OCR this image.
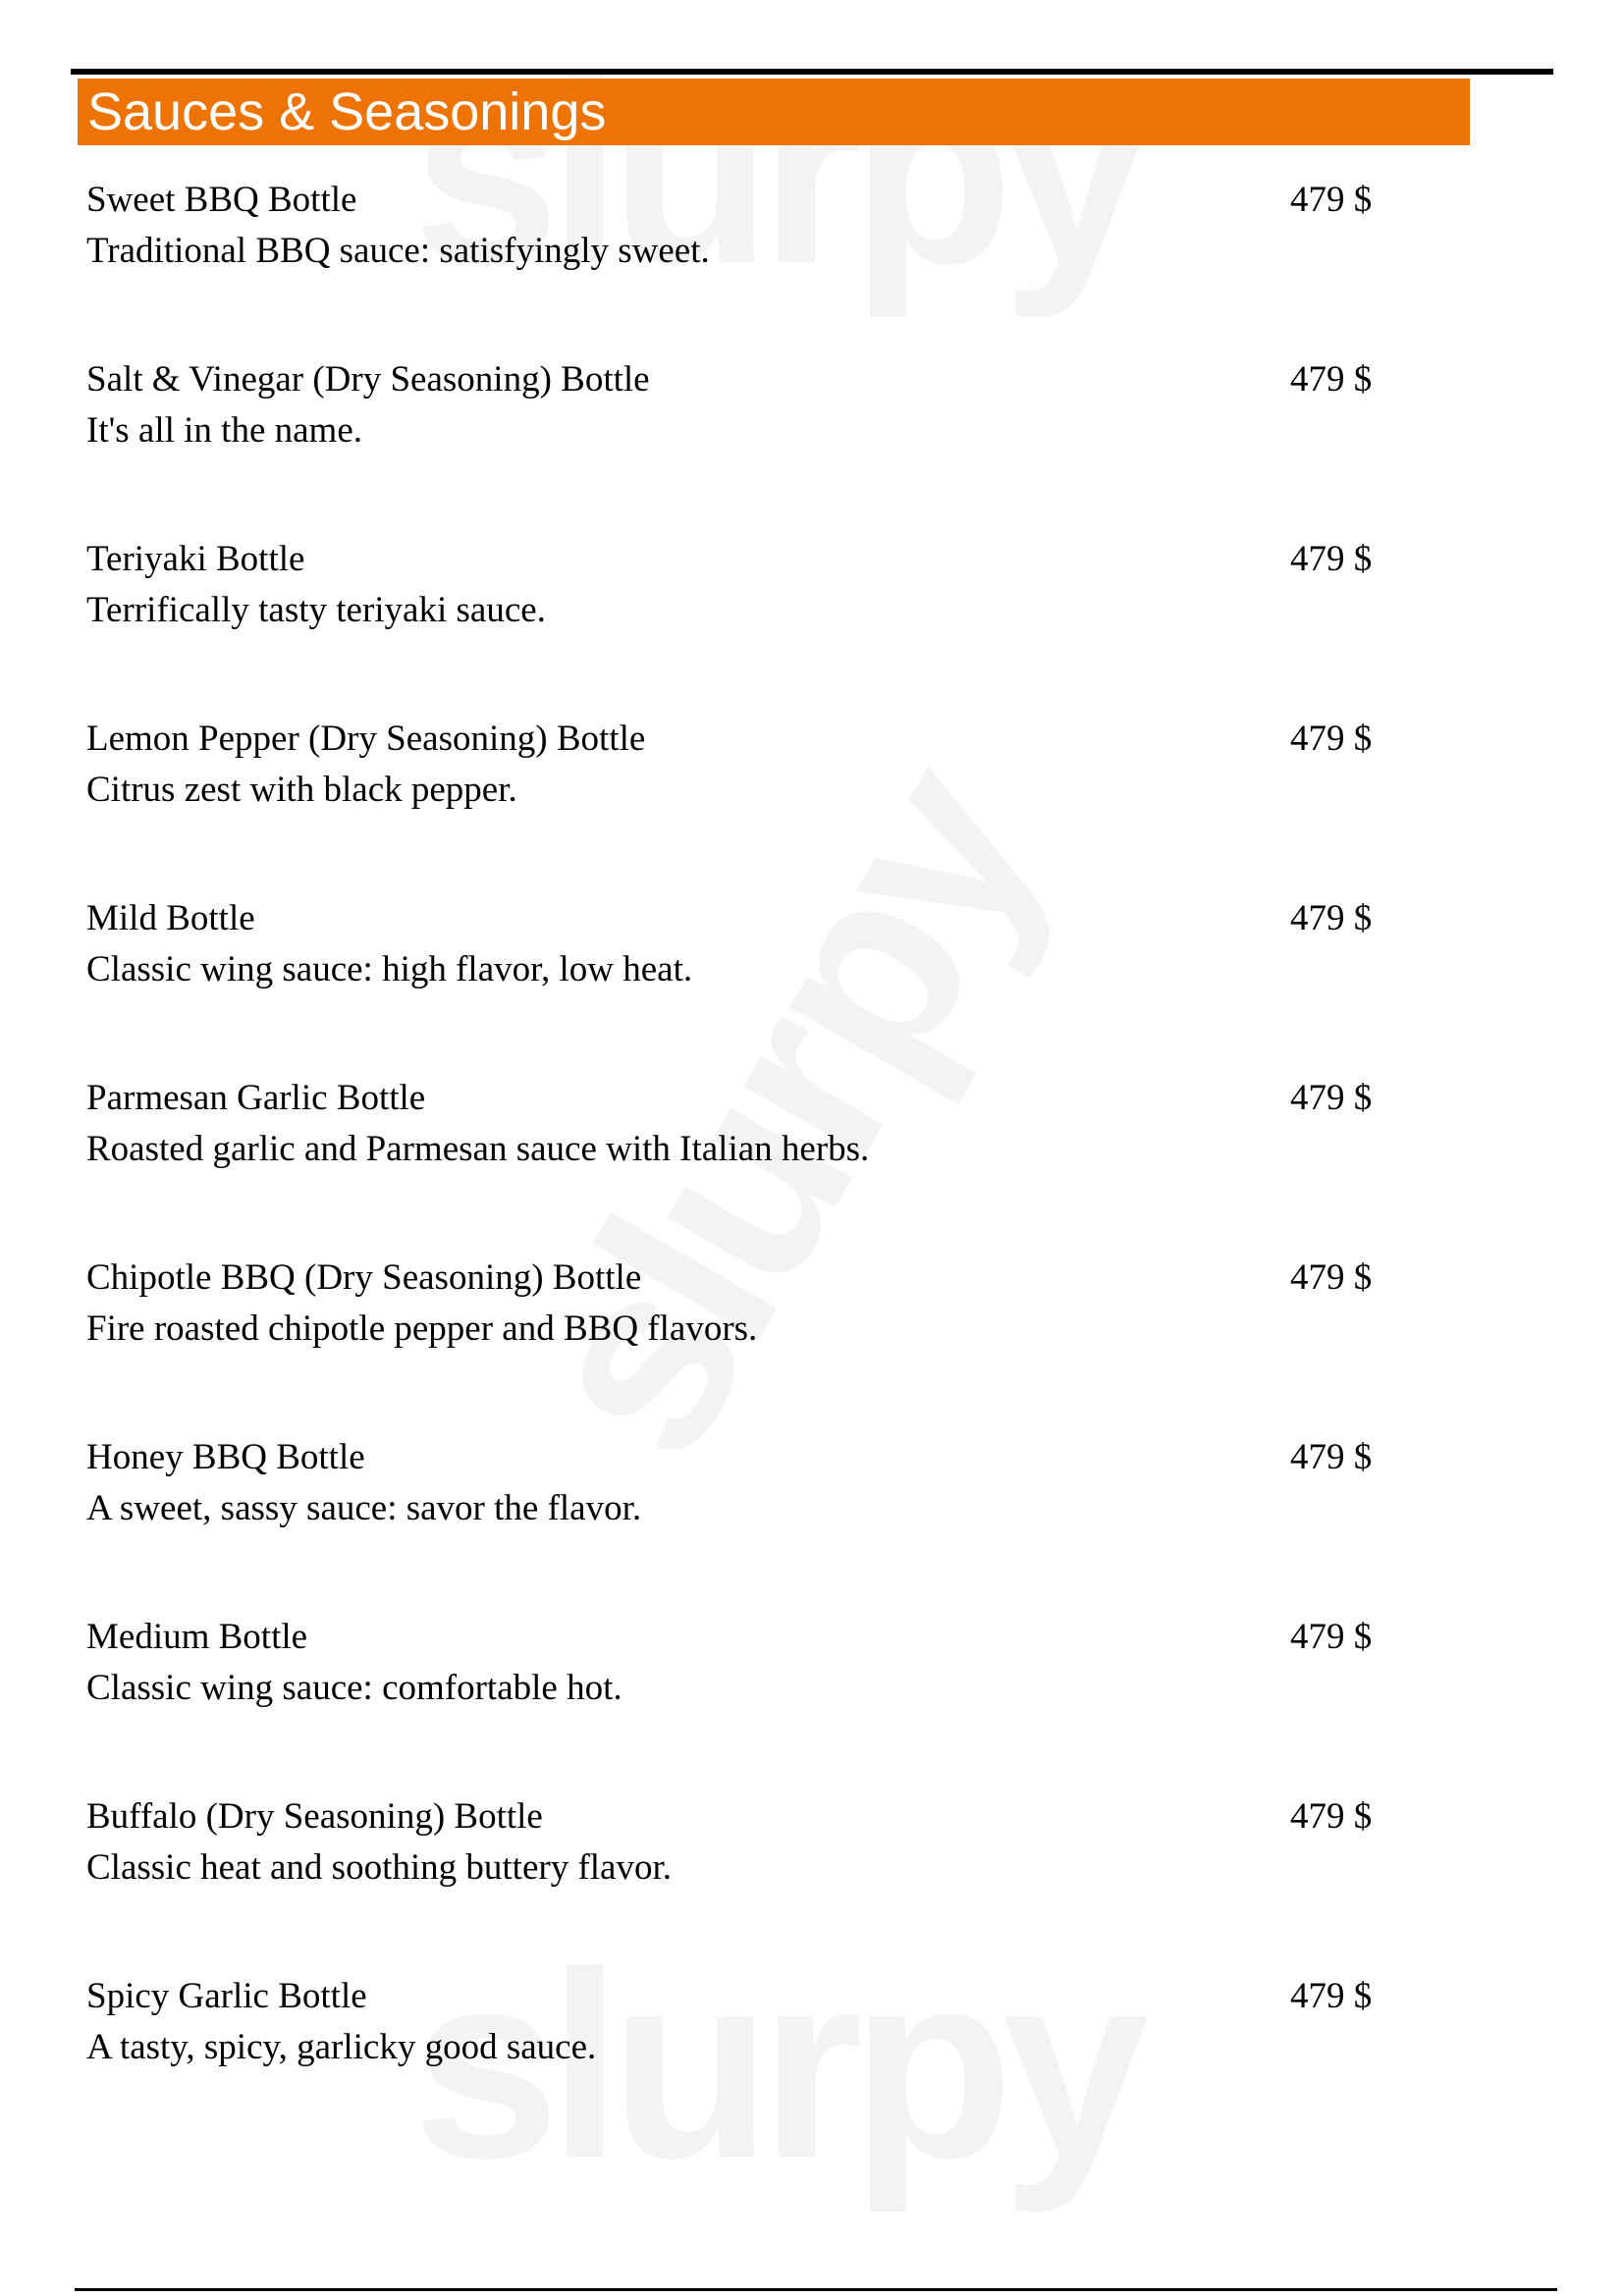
Sauces & Seasonings
Sweet BBQ Bottle
Traditional BBQ sauce: satisfyingly sweet.
479 $
Salt & Vinegar (Dry Seasoning) Bottle
It's all in the name.
479 $
Teriyaki Bottle
Terrifically tasty teriyaki sauce.
479 $
Lemon Pepper (Dry Seasoning) Bottle
Citrus zest with black pepper.
479 $
Mild Bottle
Classic wing sauce: high flavor, low heat.
479 $
Parmesan Garlic Bottle
Roasted garlic and Parmesan sauce with Italian herbs.
479 $
Chipotle BBQ (Dry Seasoning) Bottle
Fire roasted chipotle pepper and BBQ flavors.
479 $
Honey BBQ Bottle
A sweet, sassy sauce: savor the flavor.
479 $
Medium Bottle
Classic wing sauce: comfortable hot.
479 $
Buffalo (Dry Seasoning) Bottle
Classic heat and soothing buttery flavor.
479 $
Spicy Garlic Bottle
A tasty, spicy, garlicky good sauce.
479 $
